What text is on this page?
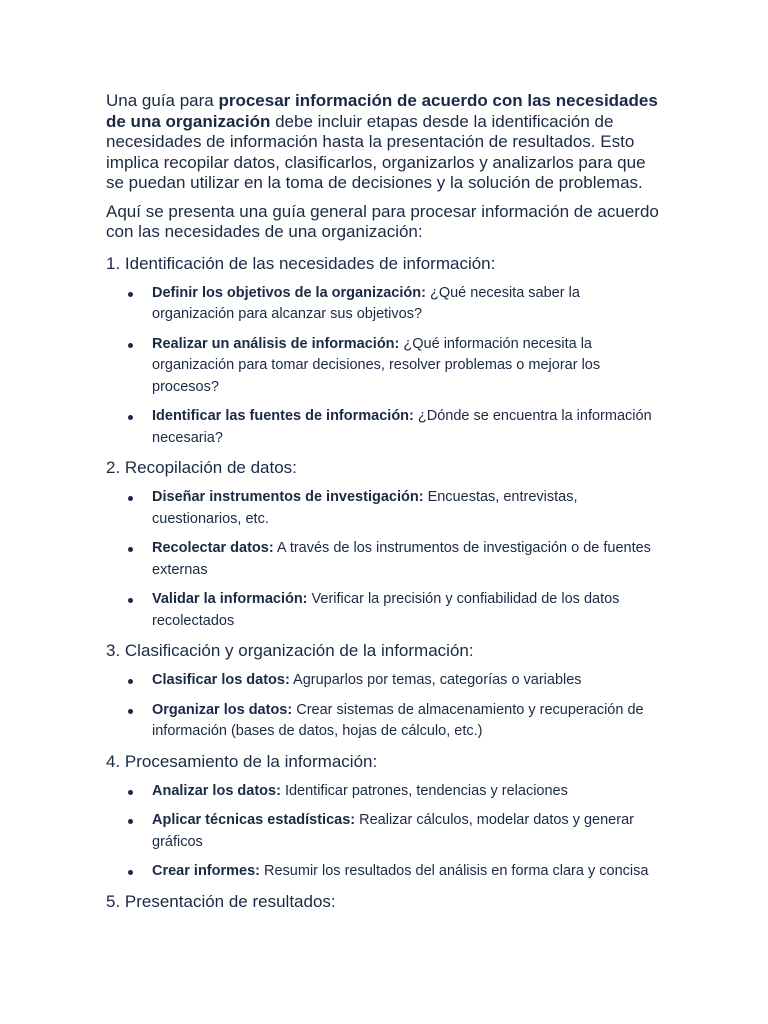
Una guía para procesar información de acuerdo con las necesidades de una organización debe incluir etapas desde la identificación de necesidades de información hasta la presentación de resultados. Esto implica recopilar datos, clasificarlos, organizarlos y analizarlos para que se puedan utilizar en la toma de decisiones y la solución de problemas.

Aquí se presenta una guía general para procesar información de acuerdo con las necesidades de una organización:

1. Identificación de las necesidades de información:
Definir los objetivos de la organización: ¿Qué necesita saber la organización para alcanzar sus objetivos?
Realizar un análisis de información: ¿Qué información necesita la organización para tomar decisiones, resolver problemas o mejorar los procesos?
Identificar las fuentes de información: ¿Dónde se encuentra la información necesaria?
2. Recopilación de datos:
Diseñar instrumentos de investigación: Encuestas, entrevistas, cuestionarios, etc.
Recolectar datos: A través de los instrumentos de investigación o de fuentes externas
Validar la información: Verificar la precisión y confiabilidad de los datos recolectados
3. Clasificación y organización de la información:
Clasificar los datos: Agruparlos por temas, categorías o variables
Organizar los datos: Crear sistemas de almacenamiento y recuperación de información (bases de datos, hojas de cálculo, etc.)
4. Procesamiento de la información:
Analizar los datos: Identificar patrones, tendencias y relaciones
Aplicar técnicas estadísticas: Realizar cálculos, modelar datos y generar gráficos
Crear informes: Resumir los resultados del análisis en forma clara y concisa
5. Presentación de resultados:
